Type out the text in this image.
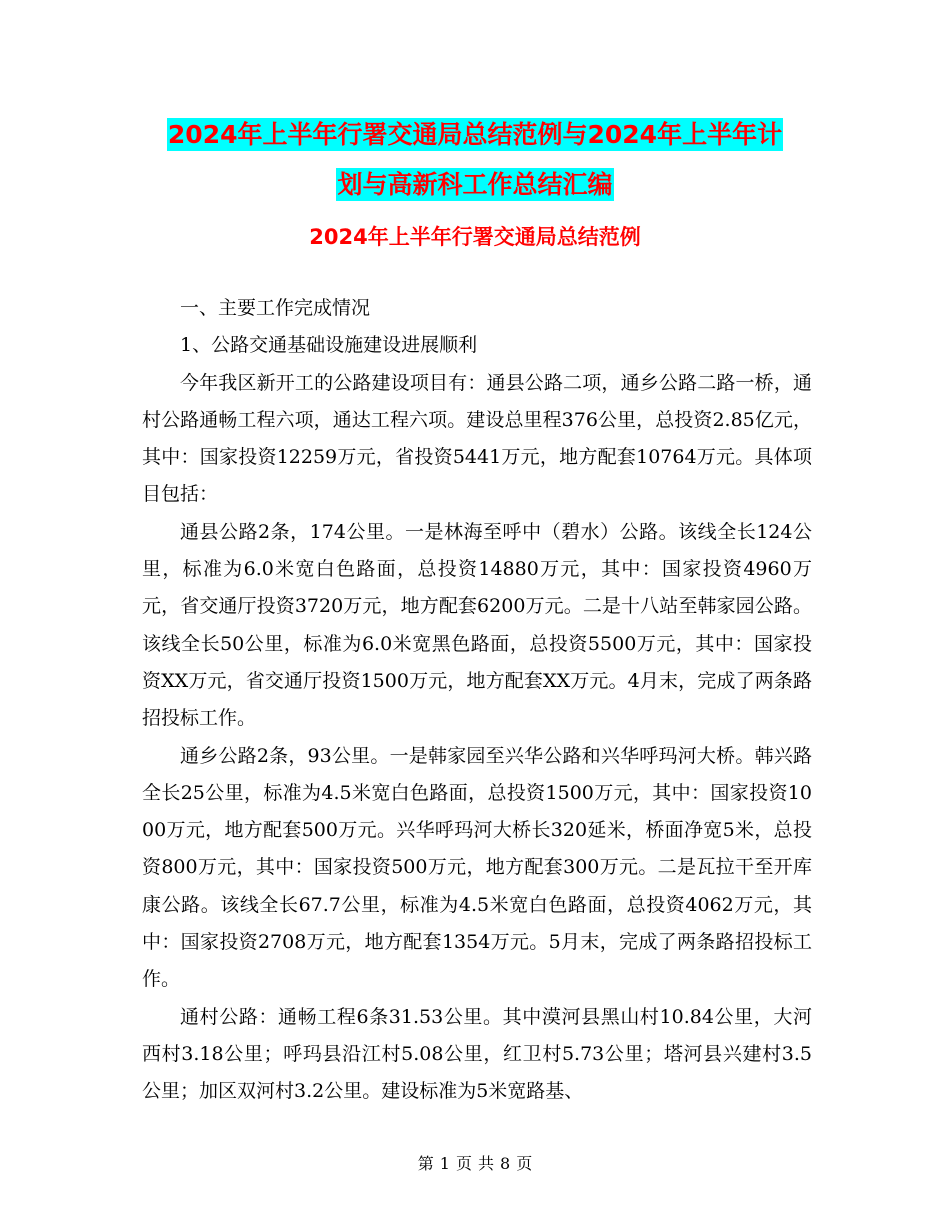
2024年上半年行署交通局总结范例与2024年上半年计
划与高新科工作总结汇编
2024年上半年行署交通局总结范例

一、主要工作完成情况

1、公路交通基础设施建设进展顺利

今年我区新开工的公路建设项目有：通县公路二项，通乡公路二路一桥，通村公路通畅工程六项，通达工程六项。建设总里程376公里，总投资2.85亿元，其中：国家投资12259万元，省投资5441万元，地方配套10764万元。具体项目包括：

通县公路2条，174公里。一是林海至呼中（碧水）公路。该线全长124公里，标准为6.0米宽白色路面，总投资14880万元，其中：国家投资4960万元，省交通厅投资3720万元，地方配套6200万元。二是十八站至韩家园公路。该线全长50公里，标准为6.0米宽黑色路面，总投资5500万元，其中：国家投资XX万元，省交通厅投资1500万元，地方配套XX万元。4月末，完成了两条路招投标工作。

通乡公路2条，93公里。一是韩家园至兴华公路和兴华呼玛河大桥。韩兴路全长25公里，标准为4.5米宽白色路面，总投资1500万元，其中：国家投资1000万元，地方配套500万元。兴华呼玛河大桥长320延米，桥面净宽5米，总投资800万元，其中：国家投资500万元，地方配套300万元。二是瓦拉干至开库康公路。该线全长67.7公里，标准为4.5米宽白色路面，总投资4062万元，其中：国家投资2708万元，地方配套1354万元。5月末，完成了两条路招投标工作。

通村公路：通畅工程6条31.53公里。其中漠河县黑山村10.84公里，大河西村3.18公里；呼玛县沿江村5.08公里，红卫村5.73公里；塔河县兴建村3.5公里；加区双河村3.2公里。建设标准为5米宽路基、

第 1 页 共 8 页
